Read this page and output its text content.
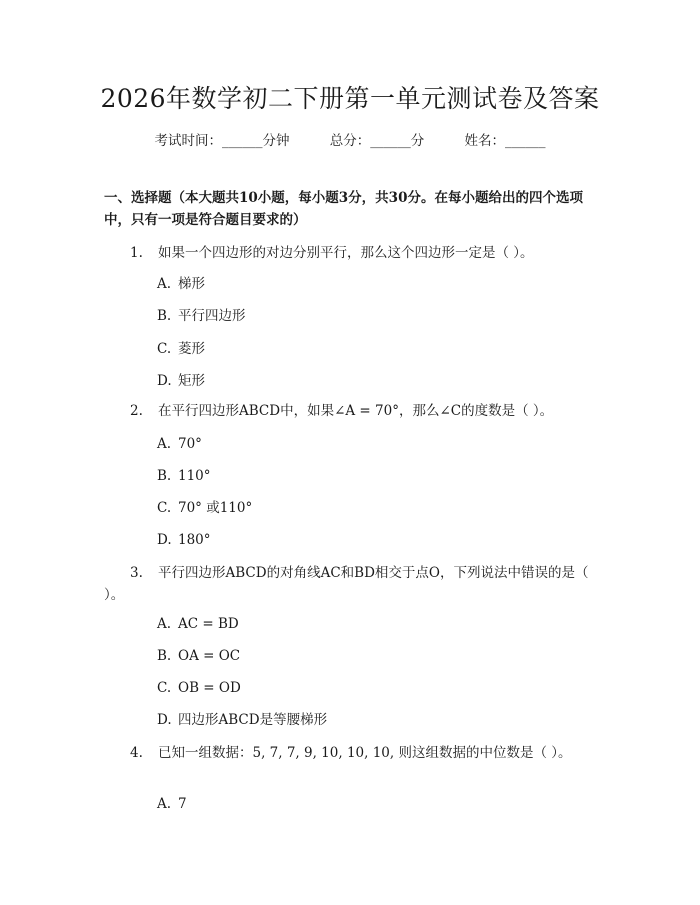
2026年数学初二下册第一单元测试卷及答案
考试时间：______分钟	总分：______分	姓名：______
一、选择题（本大题共10小题，每小题3分，共30分。在每小题给出的四个选项中，只有一项是符合题目要求的）
1. 如果一个四边形的对边分别平行，那么这个四边形一定是（ ）。
A. 梯形
B. 平行四边形
C. 菱形
D. 矩形
2. 在平行四边形ABCD中，如果∠A = 70°，那么∠C的度数是（ ）。
A. 70°
B. 110°
C. 70° 或110°
D. 180°
3. 平行四边形ABCD的对角线AC和BD相交于点O，下列说法中错误的是（ ）。
A. AC = BD
B. OA = OC
C. OB = OD
D. 四边形ABCD是等腰梯形
4. 已知一组数据：5, 7, 7, 9, 10, 10, 10, 则这组数据的中位数是（ ）。
A. 7
